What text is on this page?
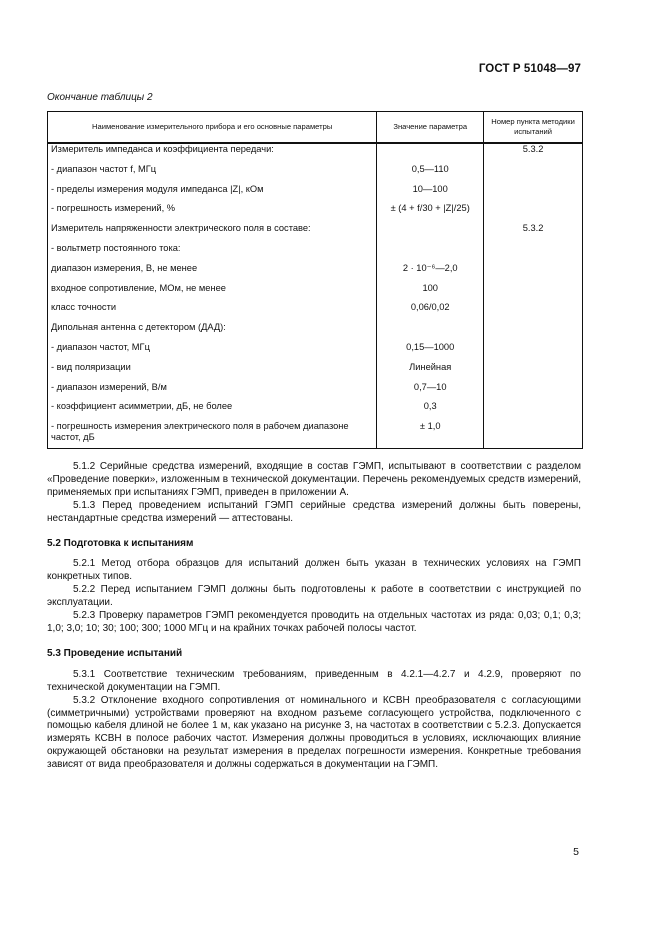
ГОСТ Р 51048—97
Окончание таблицы 2
Наименование измерительного прибора и его основные параметры	Значение параметра	Номер пункта методики испытаний
Измеритель импеданса и коэффициента передачи:		5.3.2
- диапазон частот f, МГц	0,5—110	
- пределы измерения модуля импеданса |Z|, кОм	10—100	
- погрешность измерений, %	± (4 + f/30 + |Z|/25)	
Измеритель напряженности электрического поля в составе:		5.3.2
- вольтметр постоянного тока:		
диапазон измерения, В, не менее	2 · 10⁻⁶—2,0	
входное сопротивление, МОм, не менее	100	
класс точности	0,06/0,02	
Дипольная антенна с детектором (ДАД):		
- диапазон частот, МГц	0,15—1000	
- вид поляризации	Линейная	
- диапазон измерений, В/м	0,7—10	
- коэффициент асимметрии, дБ, не более	0,3	
- погрешность измерения электрического поля в рабочем диапазоне частот, дБ	± 1,0	

5.1.2 Серийные средства измерений, входящие в состав ГЭМП, испытывают в соответствии с разделом «Проведение поверки», изложенным в технической документации. Перечень рекомендуемых средств измерений, применяемых при испытаниях ГЭМП, приведен в приложении А.

5.1.3 Перед проведением испытаний ГЭМП серийные средства измерений должны быть поверены, нестандартные средства измерений — аттестованы.

5.2 Подготовка к испытаниям

5.2.1 Метод отбора образцов для испытаний должен быть указан в технических условиях на ГЭМП конкретных типов.

5.2.2 Перед испытанием ГЭМП должны быть подготовлены к работе в соответствии с инструкцией по эксплуатации.

5.2.3 Проверку параметров ГЭМП рекомендуется проводить на отдельных частотах из ряда: 0,03; 0,1; 0,3; 1,0; 3,0; 10; 30; 100; 300; 1000 МГц и на крайних точках рабочей полосы частот.

5.3 Проведение испытаний

5.3.1 Соответствие техническим требованиям, приведенным в 4.2.1—4.2.7 и 4.2.9, проверяют по технической документации на ГЭМП.

5.3.2 Отклонение входного сопротивления от номинального и КСВН преобразователя с согласующими (симметричными) устройствами проверяют на входном разъеме согласующего устройства, подключенного с помощью кабеля длиной не более 1 м, как указано на рисунке 3, на частотах в соответствии с 5.2.3. Допускается измерять КСВН в полосе рабочих частот. Измерения должны проводиться в условиях, исключающих влияние окружающей обстановки на результат измерения в пределах погрешности измерения. Конкретные требования зависят от вида преобразователя и должны содержаться в документации на ГЭМП.

5
